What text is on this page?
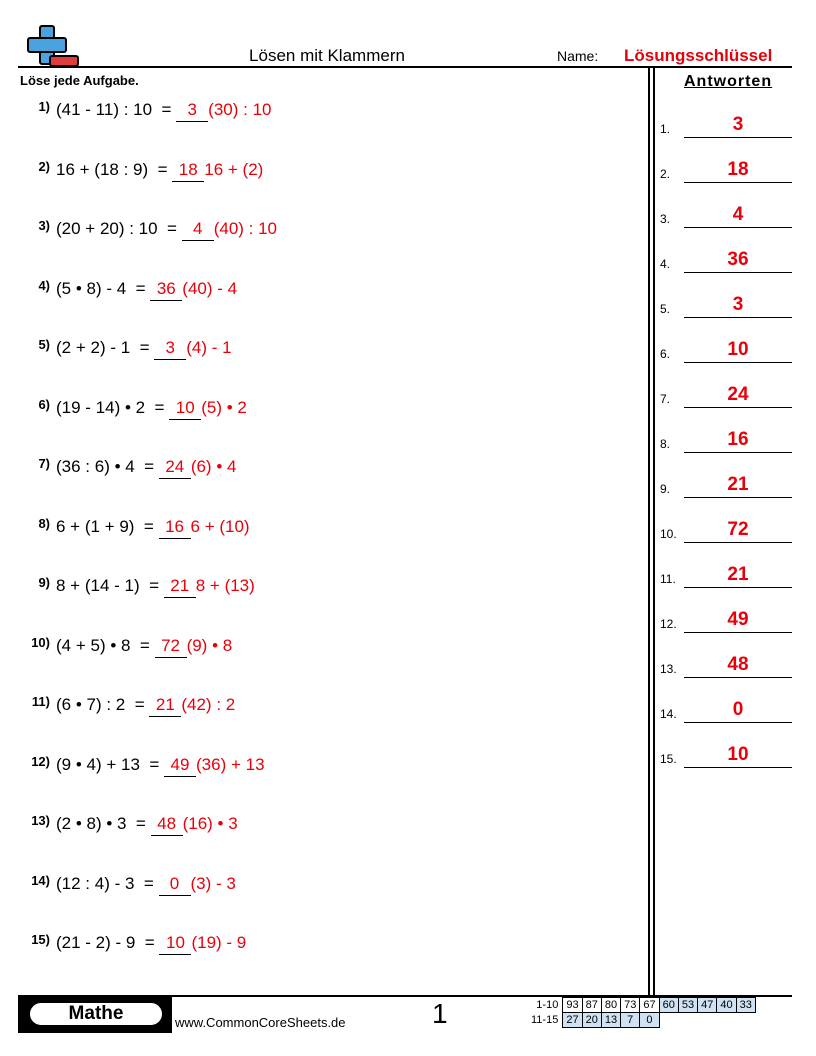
Lösen mit Klammern	Name: Lösungsschlüssel
Löse jede Aufgabe.	Antworten
1) (41 - 11) : 10  = 3 (30) : 10
2) 16 + (18 : 9)  = 18 16 + (2)
3) (20 + 20) : 10  = 4 (40) : 10
4) (5 • 8) - 4  = 36 (40) - 4
5) (2 + 2) - 1  = 3 (4) - 1
6) (19 - 14) • 2  = 10 (5) • 2
7) (36 : 6) • 4  = 24 (6) • 4
8) 6 + (1 + 9)  = 16 6 + (10)
9) 8 + (14 - 1)  = 21 8 + (13)
10) (4 + 5) • 8  = 72 (9) • 8
11) (6 • 7) : 2  = 21 (42) : 2
12) (9 • 4) + 13  = 49 (36) + 13
13) (2 • 8) • 3  = 48 (16) • 3
14) (12 : 4) - 3  = 0 (3) - 3
15) (21 - 2) - 9  = 10 (19) - 9
1.	3
2.	18
3.	4
4.	36
5.	3
6.	10
7.	24
8.	16
9.	21
10.	72
11.	21
12.	49
13.	48
14.	0
15.	10
Mathe	www.CommonCoreSheets.de	1	1-10	93	87	80	73	67	60	53	47	40	33
11-15	27	20	13	7	0					
